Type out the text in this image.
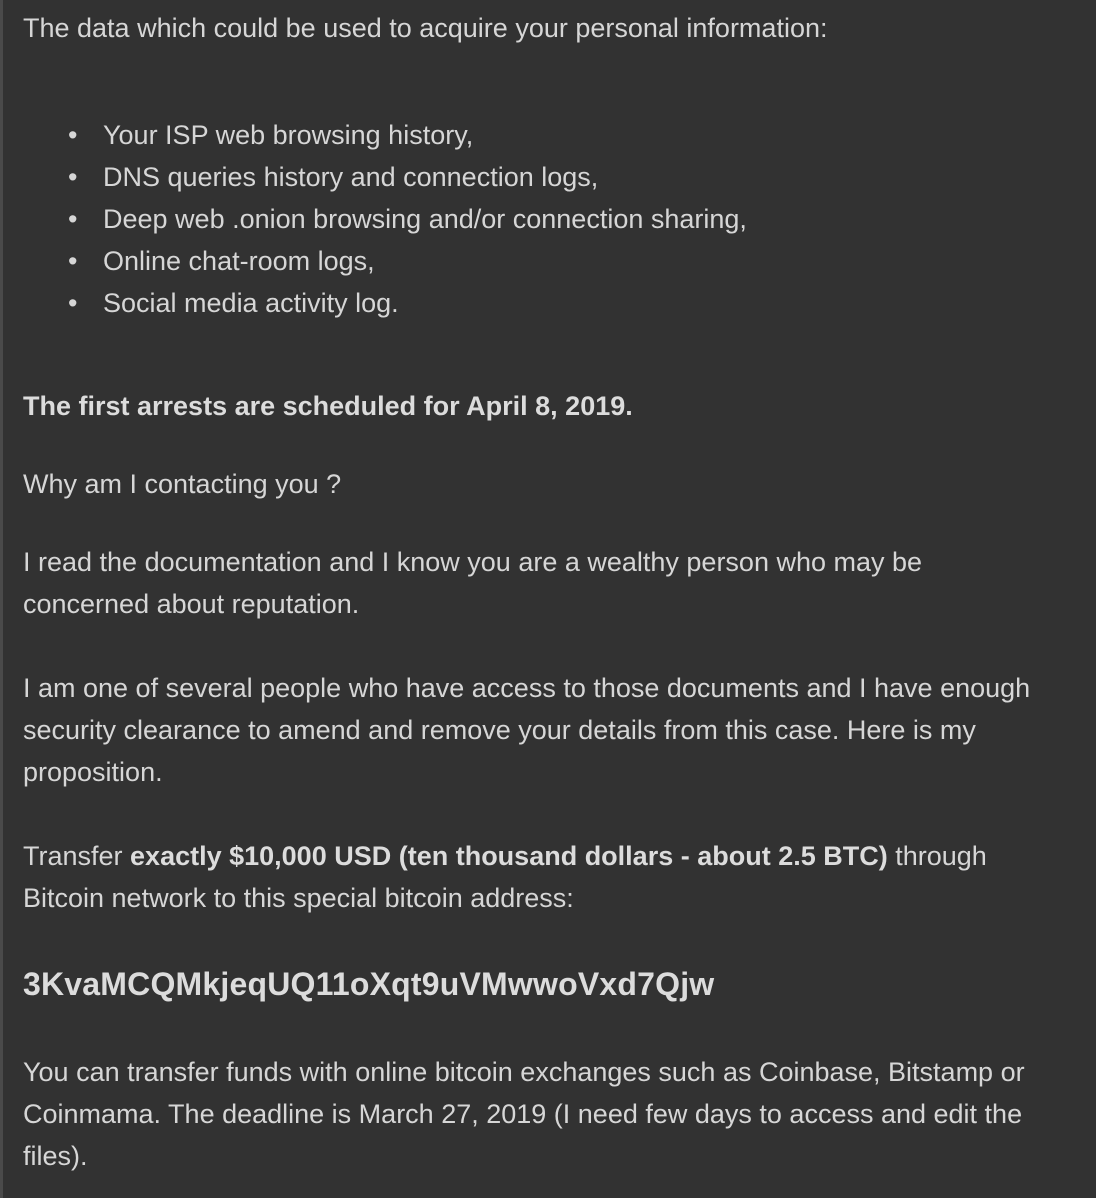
The data which could be used to acquire your personal information:

• Your ISP web browsing history,
• DNS queries history and connection logs,
• Deep web .onion browsing and/or connection sharing,
• Online chat-room logs,
• Social media activity log.

The first arrests are scheduled for April 8, 2019.

Why am I contacting you ?

I read the documentation and I know you are a wealthy person who may be concerned about reputation.

I am one of several people who have access to those documents and I have enough security clearance to amend and remove your details from this case. Here is my proposition.

Transfer exactly $10,000 USD (ten thousand dollars - about 2.5 BTC) through Bitcoin network to this special bitcoin address:

3KvaMCQMkjeqUQ11oXqt9uVMwwoVxd7Qjw

You can transfer funds with online bitcoin exchanges such as Coinbase, Bitstamp or Coinmama. The deadline is March 27, 2019 (I need few days to access and edit the files).
